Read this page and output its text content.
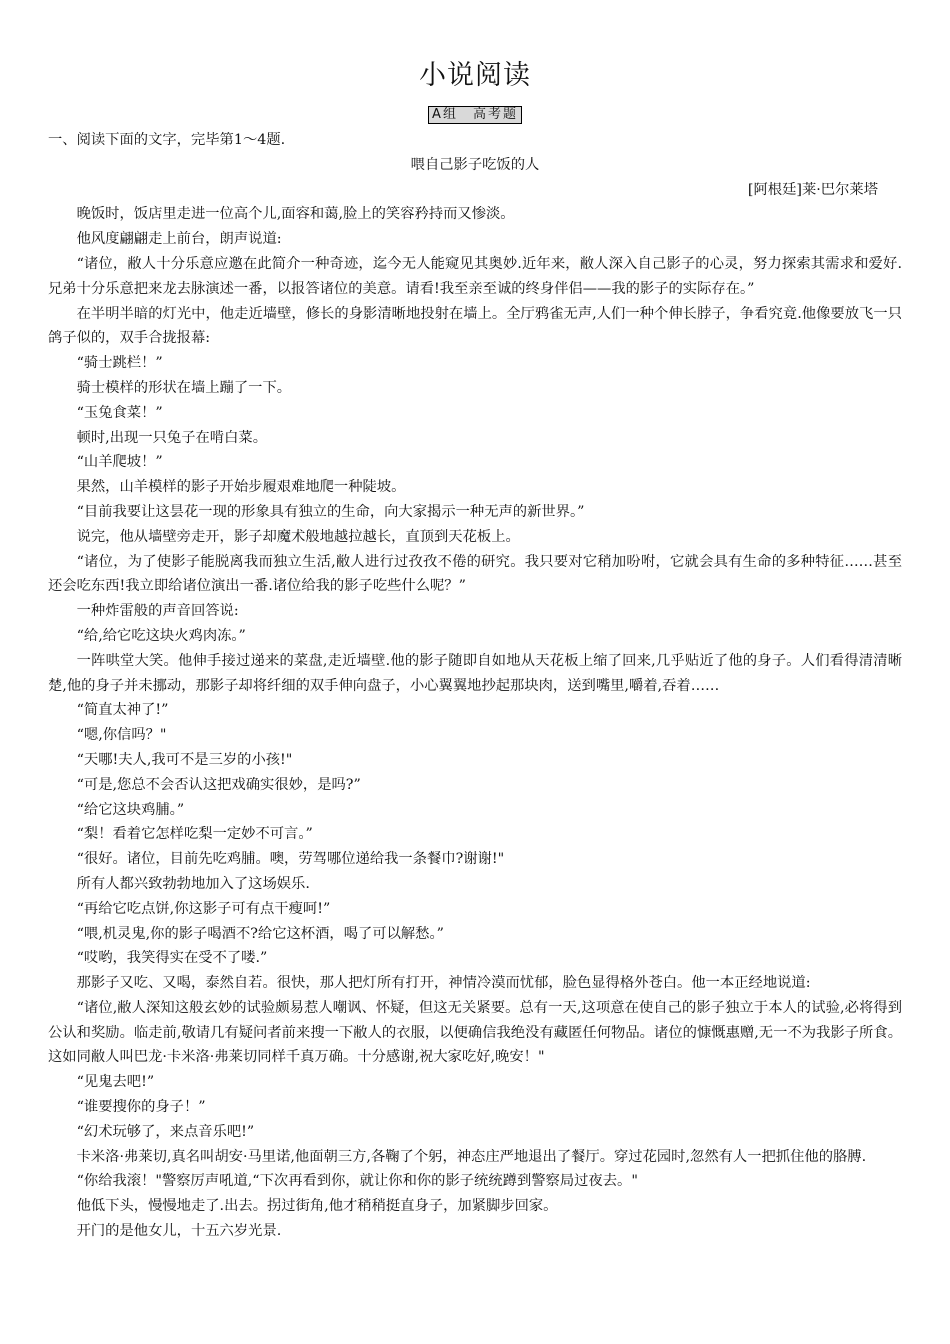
小说阅读
A组　高考题

一、阅读下面的文字，完毕第1～4题.

喂自己影子吃饭的人

[阿根廷]莱·巴尔莱塔

晚饭时，饭店里走进一位高个儿,面容和蔼,脸上的笑容矜持而又惨淡。

他风度翩翩走上前台，朗声说道:

“诸位，敝人十分乐意应邀在此简介一种奇迹，迄今无人能窥见其奥妙.近年来，敝人深入自己影子的心灵，努力探索其需求和爱好.兄弟十分乐意把来龙去脉演述一番，以报答诸位的美意。请看!我至亲至诚的终身伴侣——我的影子的实际存在。”

在半明半暗的灯光中，他走近墙壁，修长的身影清晰地投射在墙上。全厅鸦雀无声,人们一种个伸长脖子，争看究竟.他像要放飞一只鸽子似的，双手合拢报幕:

“骑士跳栏！”

骑士模样的形状在墙上蹦了一下。

“玉兔食菜！”

顿时,出现一只兔子在啃白菜。

“山羊爬坡！”

果然，山羊模样的影子开始步履艰难地爬一种陡坡。

“目前我要让这昙花一现的形象具有独立的生命，向大家揭示一种无声的新世界。”

说完，他从墙壁旁走开，影子却魔术般地越拉越长，直顶到天花板上。

“诸位，为了使影子能脱离我而独立生活,敝人进行过孜孜不倦的研究。我只要对它稍加吩咐，它就会具有生命的多种特征……甚至还会吃东西!我立即给诸位演出一番.诸位给我的影子吃些什么呢？”

一种炸雷般的声音回答说:

“给,给它吃这块火鸡肉冻。”

一阵哄堂大笑。他伸手接过递来的菜盘,走近墙壁.他的影子随即自如地从天花板上缩了回来,几乎贴近了他的身子。人们看得清清晰楚,他的身子并未挪动，那影子却将纤细的双手伸向盘子，小心翼翼地抄起那块肉，送到嘴里,嚼着,吞着……

“简直太神了!”

“嗯,你信吗？"

“天哪!夫人,我可不是三岁的小孩!"

“可是,您总不会否认这把戏确实很妙，是吗?”

“给它这块鸡脯。”

“梨！看着它怎样吃梨一定妙不可言。”

“很好。诸位，目前先吃鸡脯。噢，劳驾哪位递给我一条餐巾?谢谢!"

所有人都兴致勃勃地加入了这场娱乐.

“再给它吃点饼,你这影子可有点干瘦呵!”

“喂,机灵鬼,你的影子喝酒不?给它这杯酒，喝了可以解愁。”

“哎哟，我笑得实在受不了喽.”

那影子又吃、又喝，泰然自若。很快，那人把灯所有打开，神情冷漠而忧郁，脸色显得格外苍白。他一本正经地说道:

“诸位,敝人深知这般玄妙的试验颇易惹人嘲讽、怀疑，但这无关紧要。总有一天,这项意在使自己的影子独立于本人的试验,必将得到公认和奖励。临走前,敬请几有疑问者前来搜一下敝人的衣服，以便确信我绝没有藏匿任何物品。诸位的慷慨惠赠,无一不为我影子所食。这如同敝人叫巴龙·卡米洛·弗莱切同样千真万确。十分感谢,祝大家吃好,晚安！"

“见鬼去吧!”

“谁要搜你的身子！”

“幻术玩够了，来点音乐吧!”

卡米洛·弗莱切,真名叫胡安·马里诺,他面朝三方,各鞠了个躬，神态庄严地退出了餐厅。穿过花园时,忽然有人一把抓住他的胳膊.

“你给我滚！"警察厉声吼道,“下次再看到你，就让你和你的影子统统蹲到警察局过夜去。"

他低下头，慢慢地走了.出去。拐过街角,他才稍稍挺直身子，加紧脚步回家。

开门的是他女儿，十五六岁光景.
